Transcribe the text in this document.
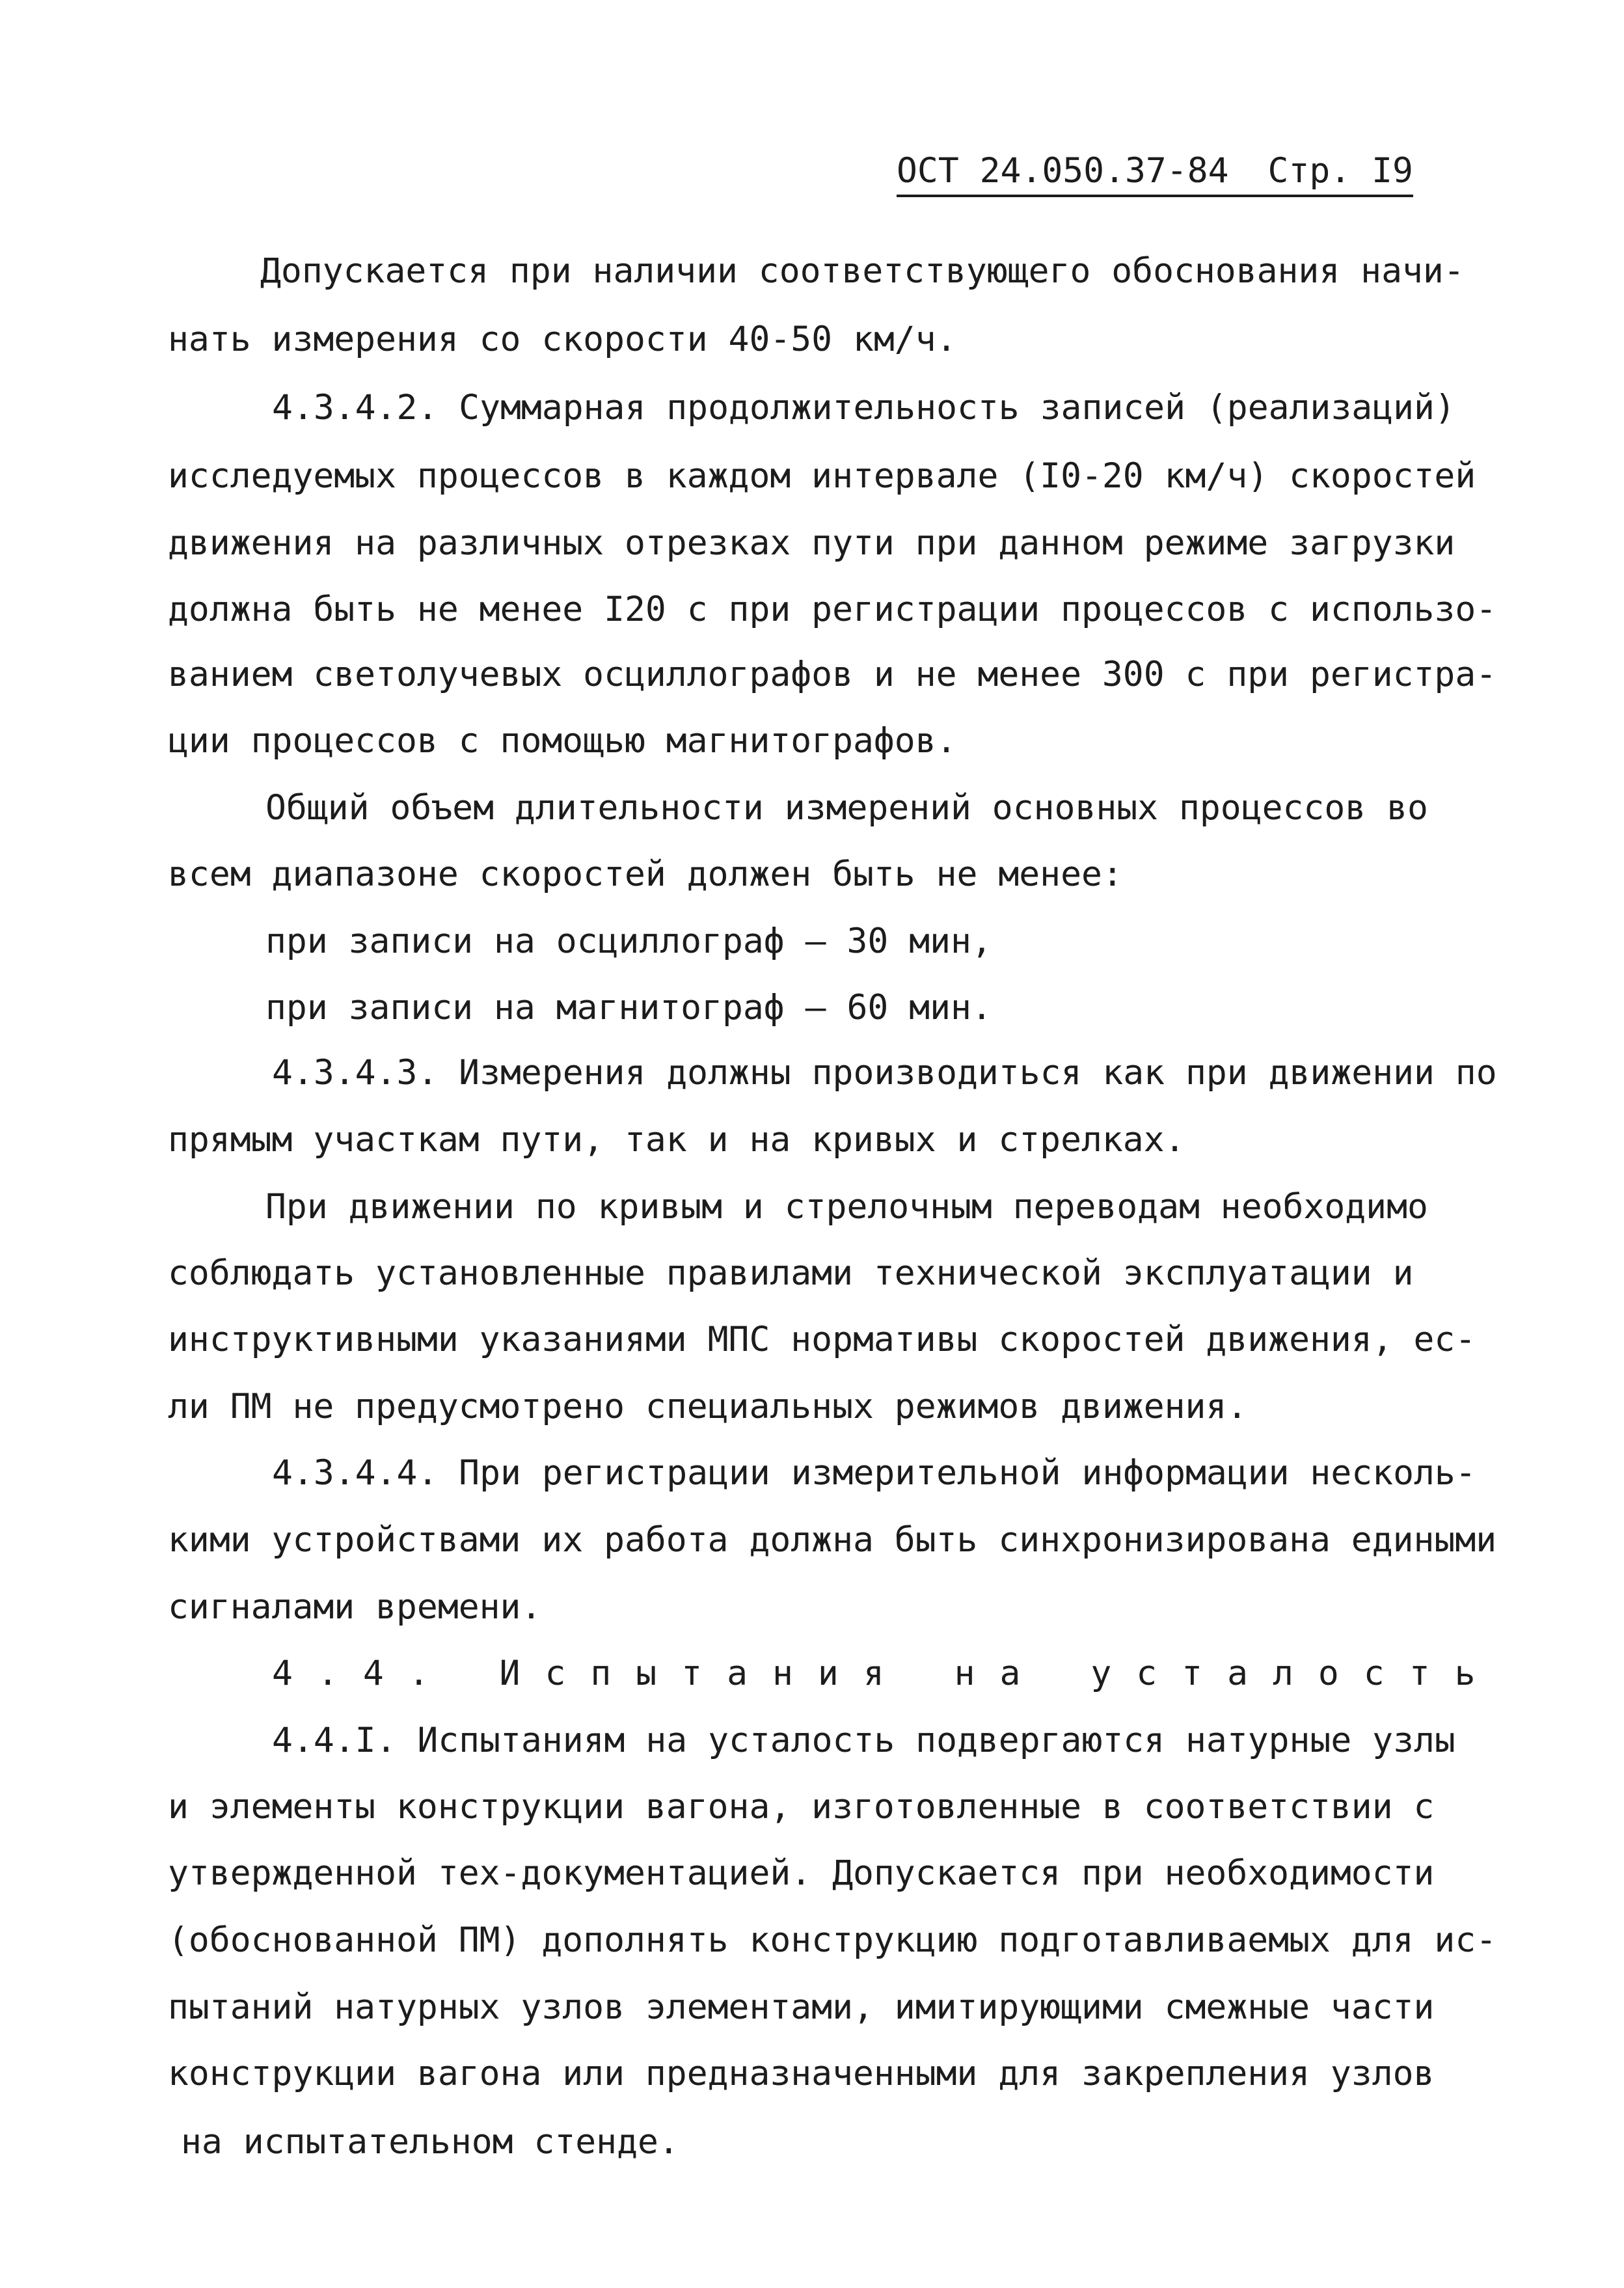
ОСТ 24.050.37-84 Стр. I9
Допускается при наличии соответствующего обоснования начи-
нать измерения со скорости 40-50 км/ч.
4.3.4.2. Суммарная продолжительность записей (реализаций)
исследуемых процессов в каждом интервале (I0-20 км/ч) скоростей
движения на различных отрезках пути при данном режиме загрузки
должна быть не менее I20 с при регистрации процессов с использо-
ванием светолучевых осциллографов и не менее 300 с при регистра-
ции процессов с помощью магнитографов.
Общий объем длительности измерений основных процессов во
всем диапазоне скоростей должен быть не менее:
при записи на осциллограф – 30 мин,
при записи на магнитограф – 60 мин.
4.3.4.3. Измерения должны производиться как при движении по
прямым участкам пути, так и на кривых и стрелках.
При движении по кривым и стрелочным переводам необходимо
соблюдать установленные правилами технической эксплуатации и
инструктивными указаниями МПС нормативы скоростей движения, ес-
ли ПМ не предусмотрено специальных режимов движения.
4.3.4.4. При регистрации измерительной информации несколь-
кими устройствами их работа должна быть синхронизирована едиными
сигналами времени.
4.4. Испытания на усталость
4.4.I. Испытаниям на усталость подвергаются натурные узлы
и элементы конструкции вагона, изготовленные в соответствии с
утвержденной тех-документацией. Допускается при необходимости
(обоснованной ПМ) дополнять конструкцию подготавливаемых для ис-
пытаний натурных узлов элементами, имитирующими смежные части
конструкции вагона или предназначенными для закрепления узлов
на испытательном стенде.
